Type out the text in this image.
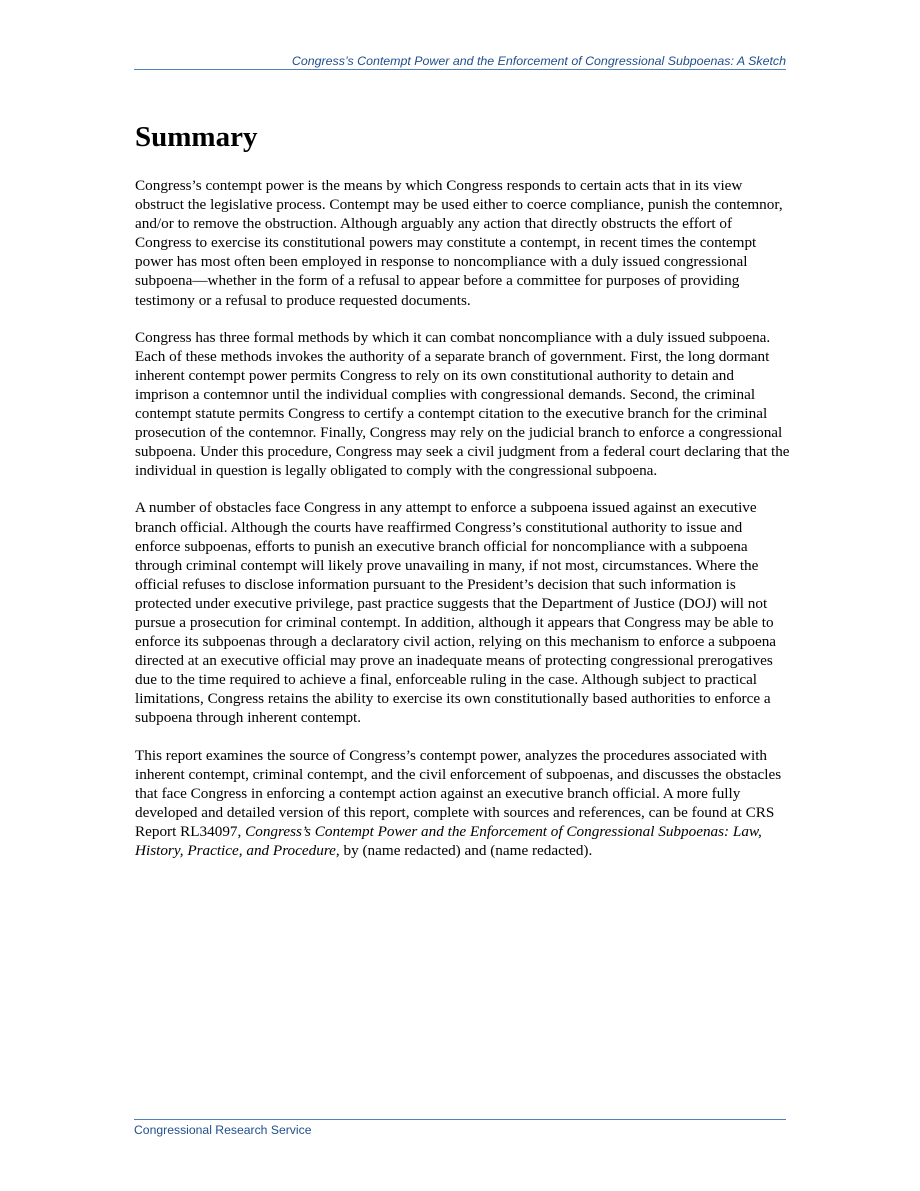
Congress’s Contempt Power and the Enforcement of Congressional Subpoenas: A Sketch
Summary

Congress’s contempt power is the means by which Congress responds to certain acts that in its view obstruct the legislative process. Contempt may be used either to coerce compliance, punish the contemnor, and/or to remove the obstruction. Although arguably any action that directly obstructs the effort of Congress to exercise its constitutional powers may constitute a contempt, in recent times the contempt power has most often been employed in response to noncompliance with a duly issued congressional subpoena—whether in the form of a refusal to appear before a committee for purposes of providing testimony or a refusal to produce requested documents.

Congress has three formal methods by which it can combat noncompliance with a duly issued subpoena. Each of these methods invokes the authority of a separate branch of government. First, the long dormant inherent contempt power permits Congress to rely on its own constitutional authority to detain and imprison a contemnor until the individual complies with congressional demands. Second, the criminal contempt statute permits Congress to certify a contempt citation to the executive branch for the criminal prosecution of the contemnor. Finally, Congress may rely on the judicial branch to enforce a congressional subpoena. Under this procedure, Congress may seek a civil judgment from a federal court declaring that the individual in question is legally obligated to comply with the congressional subpoena.

A number of obstacles face Congress in any attempt to enforce a subpoena issued against an executive branch official. Although the courts have reaffirmed Congress’s constitutional authority to issue and enforce subpoenas, efforts to punish an executive branch official for noncompliance with a subpoena through criminal contempt will likely prove unavailing in many, if not most, circumstances. Where the official refuses to disclose information pursuant to the President’s decision that such information is protected under executive privilege, past practice suggests that the Department of Justice (DOJ) will not pursue a prosecution for criminal contempt. In addition, although it appears that Congress may be able to enforce its subpoenas through a declaratory civil action, relying on this mechanism to enforce a subpoena directed at an executive official may prove an inadequate means of protecting congressional prerogatives due to the time required to achieve a final, enforceable ruling in the case. Although subject to practical limitations, Congress retains the ability to exercise its own constitutionally based authorities to enforce a subpoena through inherent contempt.

This report examines the source of Congress’s contempt power, analyzes the procedures associated with inherent contempt, criminal contempt, and the civil enforcement of subpoenas, and discusses the obstacles that face Congress in enforcing a contempt action against an executive branch official. A more fully developed and detailed version of this report, complete with sources and references, can be found at CRS Report RL34097, Congress’s Contempt Power and the Enforcement of Congressional Subpoenas: Law, History, Practice, and Procedure, by (name redacted) and (name redacted).

Congressional Research Service
